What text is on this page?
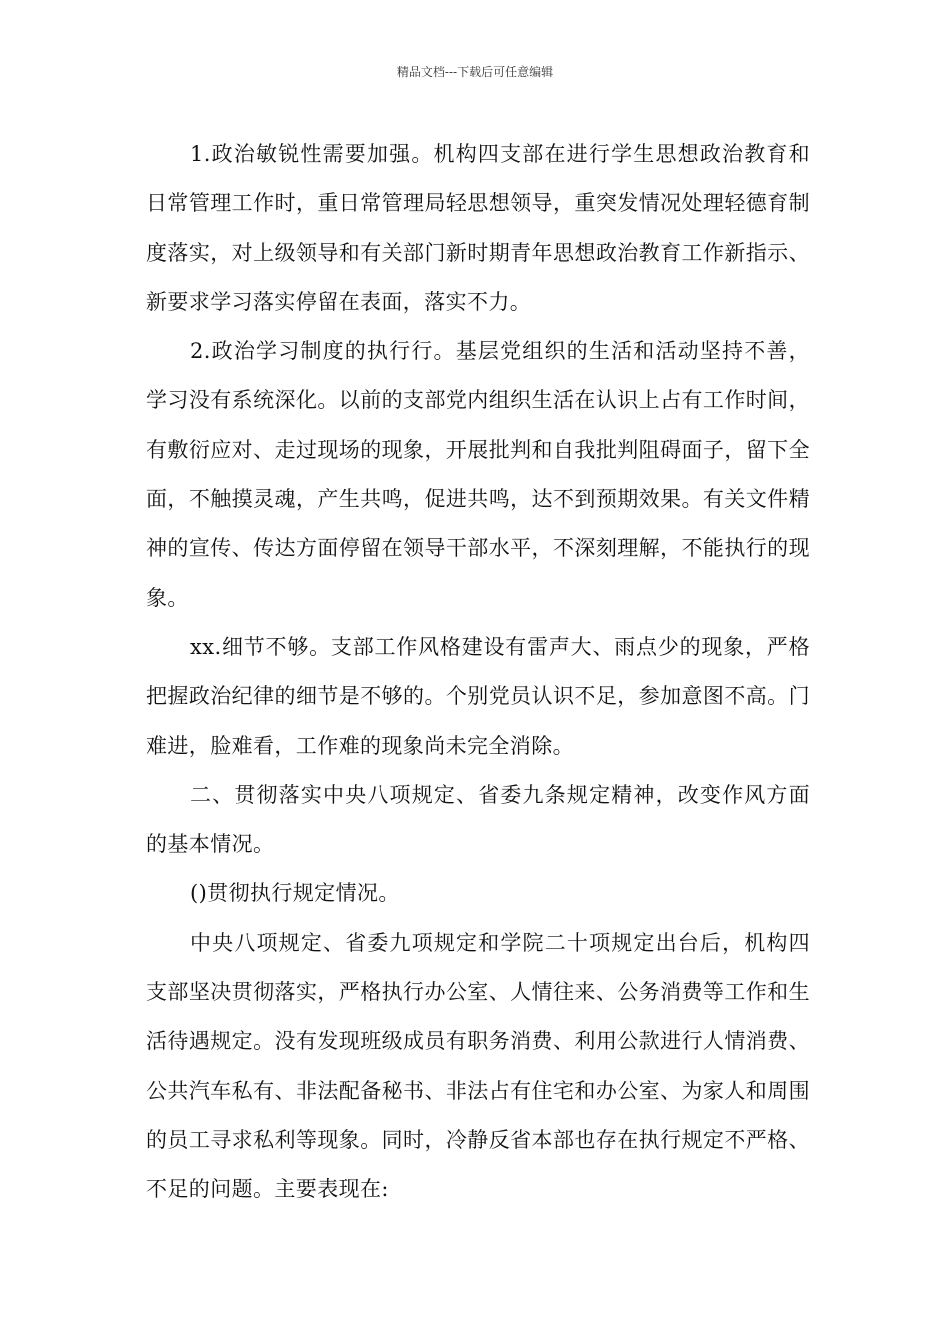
精品文档---下载后可任意编辑

1.政治敏锐性需要加强。机构四支部在进行学生思想政治教育和日常管理工作时，重日常管理局轻思想领导，重突发情况处理轻德育制度落实，对上级领导和有关部门新时期青年思想政治教育工作新指示、新要求学习落实停留在表面，落实不力。

2.政治学习制度的执行行。基层党组织的生活和活动坚持不善，学习没有系统深化。以前的支部党内组织生活在认识上占有工作时间，有敷衍应对、走过现场的现象，开展批判和自我批判阻碍面子，留下全面，不触摸灵魂，产生共鸣，促进共鸣，达不到预期效果。有关文件精神的宣传、传达方面停留在领导干部水平，不深刻理解，不能执行的现象。

xx.细节不够。支部工作风格建设有雷声大、雨点少的现象，严格把握政治纪律的细节是不够的。个别党员认识不足，参加意图不高。门难进，脸难看，工作难的现象尚未完全消除。

二、贯彻落实中央八项规定、省委九条规定精神，改变作风方面的基本情况。

()贯彻执行规定情况。

中央八项规定、省委九项规定和学院二十项规定出台后，机构四支部坚决贯彻落实，严格执行办公室、人情往来、公务消费等工作和生活待遇规定。没有发现班级成员有职务消费、利用公款进行人情消费、公共汽车私有、非法配备秘书、非法占有住宅和办公室、为家人和周围的员工寻求私利等现象。同时，冷静反省本部也存在执行规定不严格、不足的问题。主要表现在:
